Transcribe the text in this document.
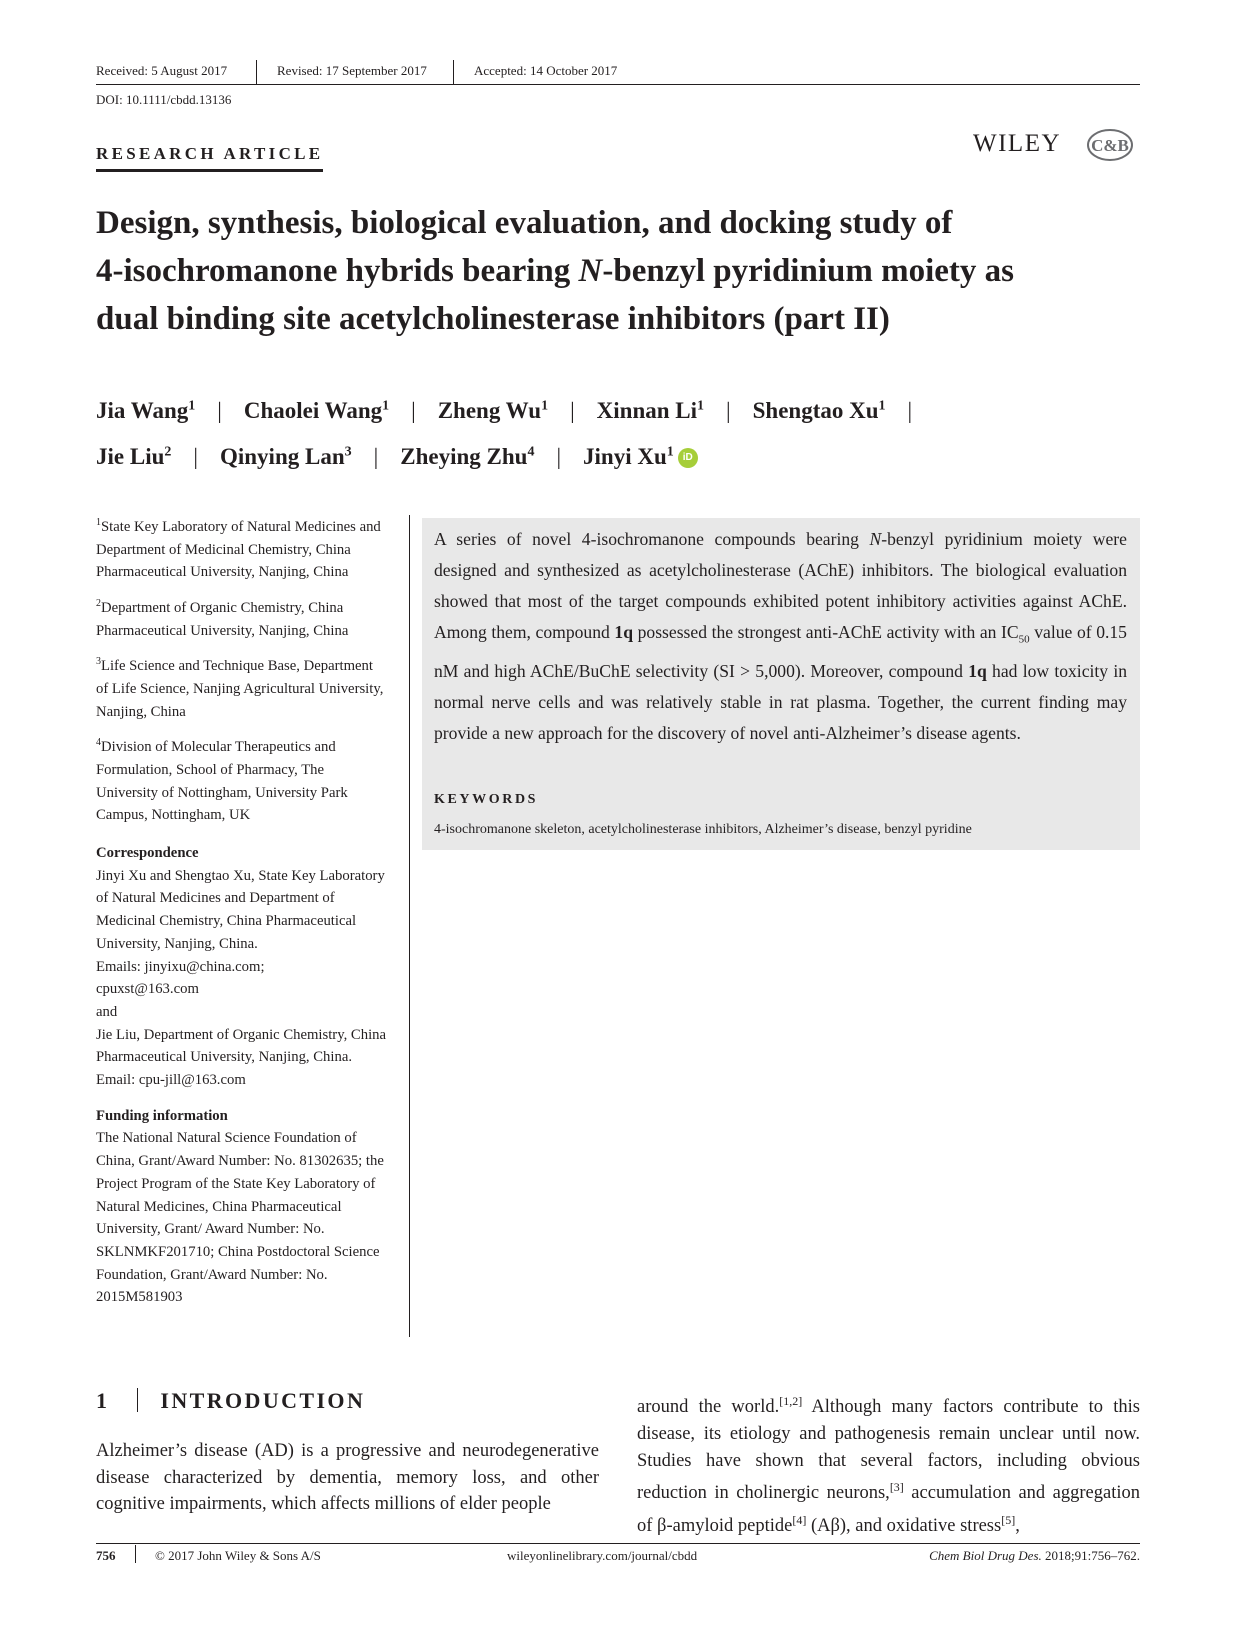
Received: 5 August 2017	Revised: 17 September 2017	Accepted: 14 October 2017
DOI: 10.1111/cbdd.13136
RESEARCH ARTICLE	WILEY C&B
Design, synthesis, biological evaluation, and docking study of
4-isochromanone hybrids bearing N-benzyl pyridinium moiety as
dual binding site acetylcholinesterase inhibitors (part II)
Jia Wang$^1$ | Chaolei Wang$^1$ | Zheng Wu$^1$ | Xinnan Li$^1$ | Shengtao Xu$^1$ |
Jie Liu$^2$ | Qinying Lan$^3$ | Zheying Zhu$^4$ | Jinyi Xu$^1$ iD
$^1$State Key Laboratory of Natural Medicines and Department of Medicinal Chemistry, China Pharmaceutical University, Nanjing, China
$^2$Department of Organic Chemistry, China Pharmaceutical University, Nanjing, China
$^3$Life Science and Technique Base, Department of Life Science, Nanjing Agricultural University, Nanjing, China
$^4$Division of Molecular Therapeutics and Formulation, School of Pharmacy, The University of Nottingham, University Park Campus, Nottingham, UK
Correspondence
Jinyi Xu and Shengtao Xu, State Key Laboratory of Natural Medicines and Department of Medicinal Chemistry, China Pharmaceutical University, Nanjing, China.
Emails: jinyixu@china.com;
cpuxst@163.com
and
Jie Liu, Department of Organic Chemistry, China Pharmaceutical University, Nanjing, China.
Email: cpu-jill@163.com
Funding information
The National Natural Science Foundation of China, Grant/Award Number: No. 81302635; the Project Program of the State Key Laboratory of Natural Medicines, China Pharmaceutical University, Grant/ Award Number: No. SKLNMKF201710; China Postdoctoral Science Foundation, Grant/Award Number: No. 2015M581903
A series of novel 4-isochromanone compounds bearing N-benzyl pyridinium moiety were designed and synthesized as acetylcholinesterase (AChE) inhibitors. The biological evaluation showed that most of the target compounds exhibited potent inhibitory activities against AChE. Among them, compound 1q possessed the strongest anti-AChE activity with an $IC_{50}$ value of 0.15 nM and high AChE/BuChE selectivity (SI > 5,000). Moreover, compound 1q had low toxicity in normal nerve cells and was relatively stable in rat plasma. Together, the current finding may provide a new approach for the discovery of novel anti-Alzheimer’s disease agents.
KEYWORDS
4-isochromanone skeleton, acetylcholinesterase inhibitors, Alzheimer’s disease, benzyl pyridine
1 INTRODUCTION
Alzheimer’s disease (AD) is a progressive and neurodegenerative disease characterized by dementia, memory loss, and other cognitive impairments, which affects millions of elder people
around the world.[1,2] Although many factors contribute to this disease, its etiology and pathogenesis remain unclear until now. Studies have shown that several factors, including obvious reduction in cholinergic neurons,[3] accumulation and aggregation of β-amyloid peptide[4] (Aβ), and oxidative stress[5],
756	© 2017 John Wiley & Sons A/S	wileyonlinelibrary.com/journal/cbdd	Chem Biol Drug Des. 2018;91:756–762.
